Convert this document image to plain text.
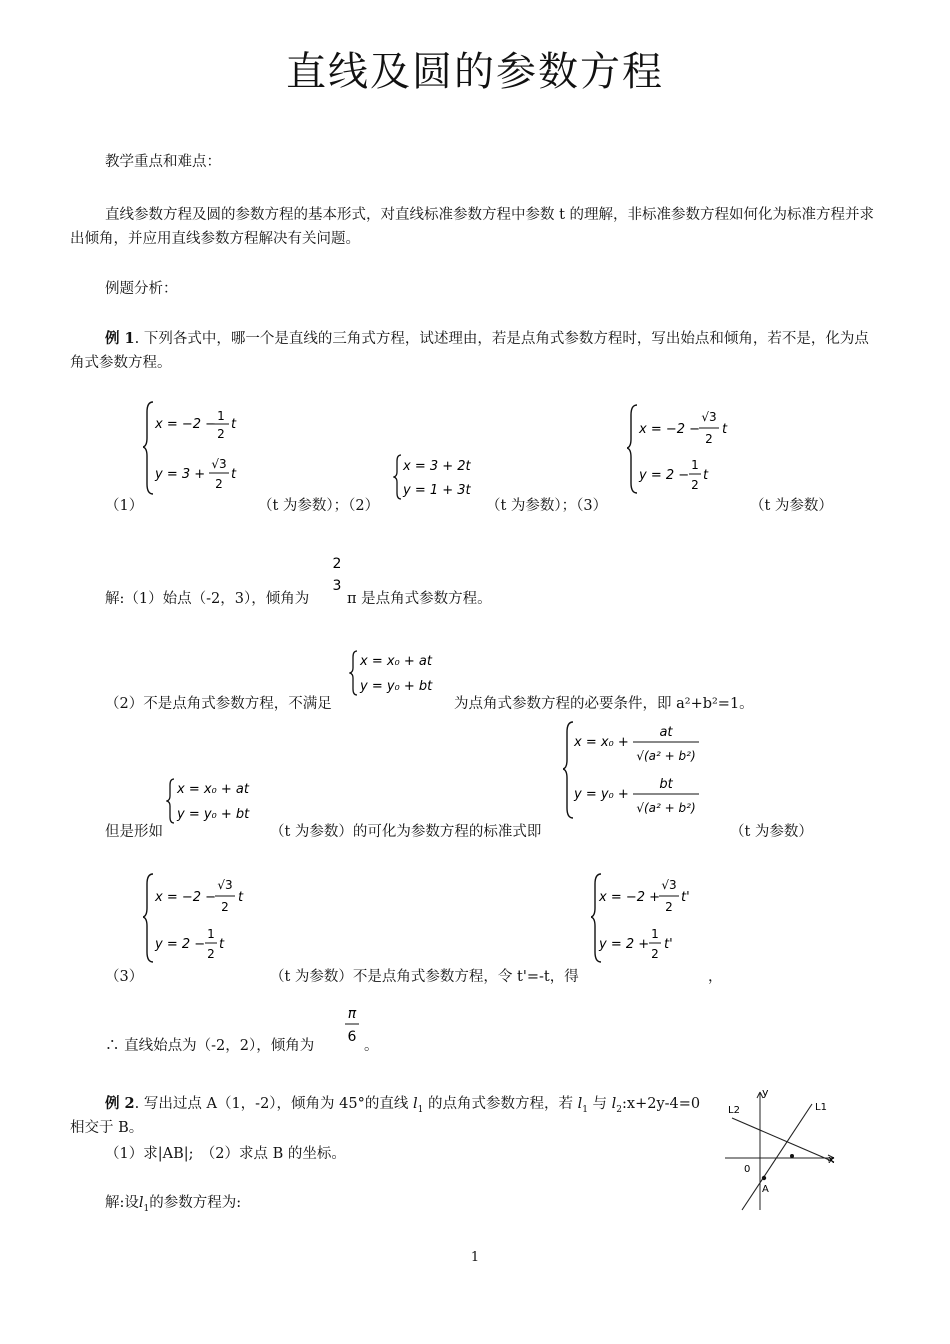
直线及圆的参数方程
教学重点和难点：
直线参数方程及圆的参数方程的基本形式，对直线标准参数方程中参数 t 的理解，非标准参数方程如何化为标准方程并求出倾角，并应用直线参数方程解决有关问题。
例题分析：
例 1. 下列各式中，哪一个是直线的三角式方程，试述理由，若是点角式参数方程时，写出始点和倾角，若不是，化为点角式参数方程。
x = −2 −
1
2
t
y = 3 +
√3
2
t
x = 3 + 2t
y = 1 + 3t
x = −2 −
√3
2
t
y = 2 −
1
2
t
（1）	（t 为参数）；（2）	（t 为参数）；（3）	（t 为参数）
解:（1）始点（-2，3），倾角为
2
3
π 是点角式参数方程。
x = x₀ + at
y = y₀ + bt
（2）不是点角式参数方程，不满足	为点角式参数方程的必要条件，即 a²+b²=1。
x = x₀ +
at
√(a² + b²)
y = y₀ +
bt
√(a² + b²)
x = x₀ + at
y = y₀ + bt
但是形如	（t 为参数）的可化为参数方程的标准式即	（t 为参数）
x = −2 −
√3
2
t
y = 2 −
1
2
t
x = −2 +
√3
2
t'
y = 2 +
1
2
t'
（3）	（t 为参数）不是点角式参数方程，令 t'=-t，得	，
∴ 直线始点为（-2，2），倾角为
π
6
。
例 2. 写出过点 A（1，-2），倾角为 45°的直线 $l_1$ 的点角式参数方程，若 $l_1$ 与 $l_2:x+2y-4=0$
相交于 B。
（1）求|AB|;　（2）求点 B 的坐标。
解:设$l_1$的参数方程为:
y
x
0
A
L1
L2
1
